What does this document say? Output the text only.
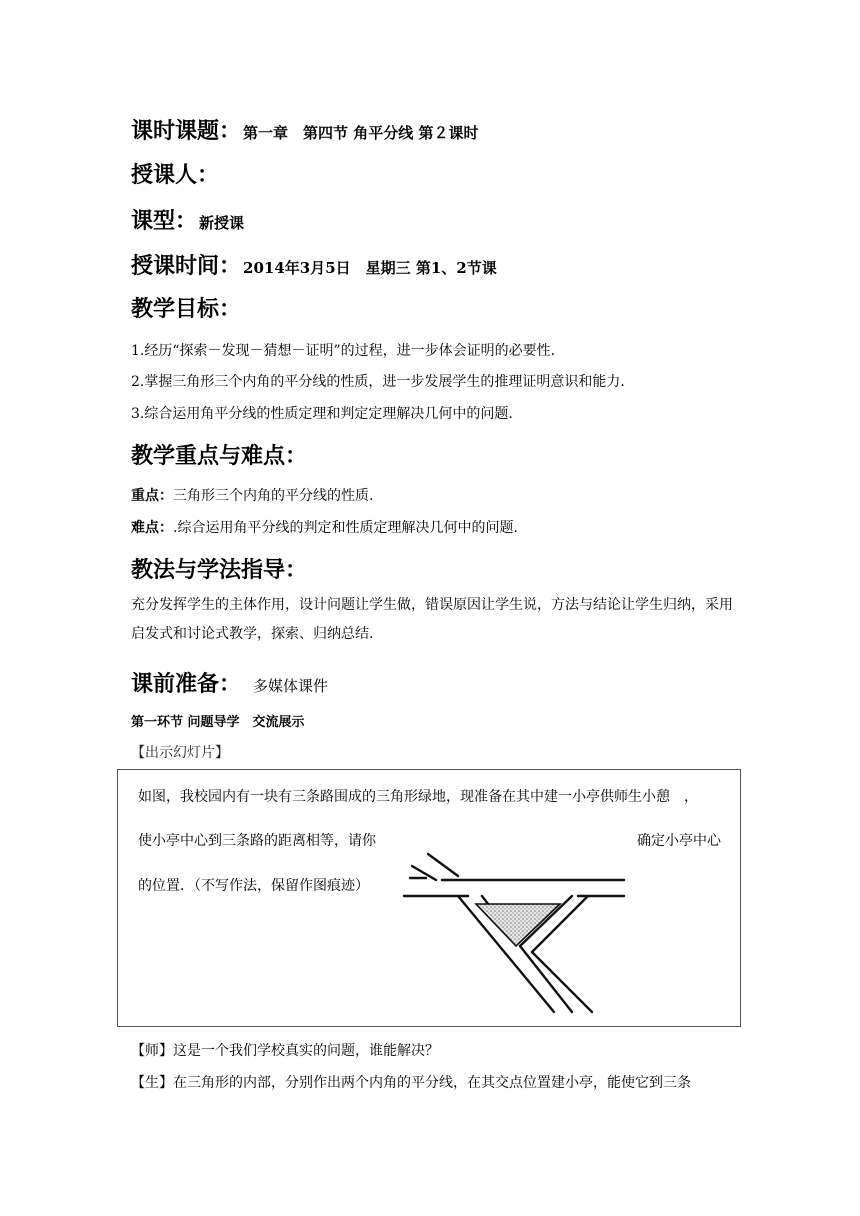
课时课题： 第一章　第四节 角平分线 第２课时
授课人：
课型： 新授课
授课时间： 2014年3月5日　星期三 第1、2节课
教学目标：
1.经历“探索－发现－猜想－证明”的过程，进一步体会证明的必要性.
2.掌握三角形三个内角的平分线的性质，进一步发展学生的推理证明意识和能力.
3.综合运用角平分线的性质定理和判定定理解决几何中的问题.
教学重点与难点：
重点：三角形三个内角的平分线的性质.
难点：.综合运用角平分线的判定和性质定理解决几何中的问题.
教法与学法指导：
充分发挥学生的主体作用，设计问题让学生做，错误原因让学生说，方法与结论让学生归纳，采用启发式和讨论式教学，探索、归纳总结.
课前准备： 多媒体课件
第一环节 问题导学　交流展示
【出示幻灯片】
如图，我校园内有一块有三条路围成的三角形绿地，现准备在其中建一小亭供师生小憩　，
使小亭中心到三条路的距离相等，请你	确定小亭中心
的位置．（不写作法，保留作图痕迹）
【师】这是一个我们学校真实的问题，谁能解决？
【生】在三角形的内部，分别作出两个内角的平分线，在其交点位置建小亭，能使它到三条
